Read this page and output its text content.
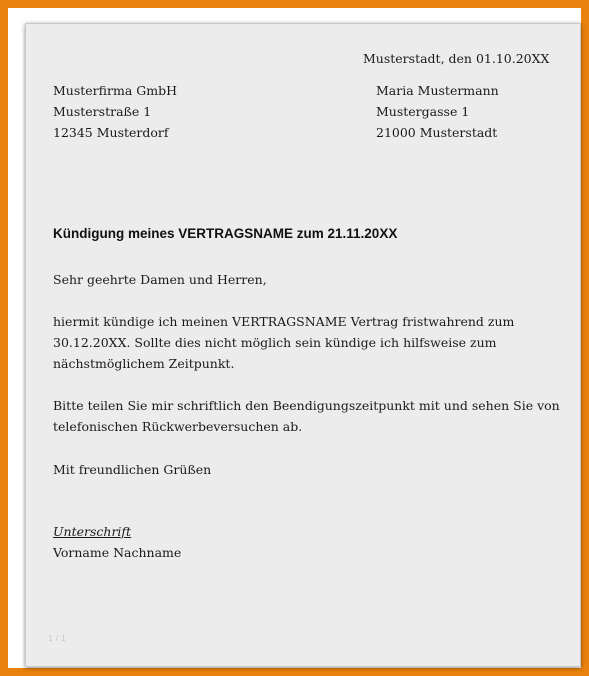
Musterstadt, den 01.10.20XX
Musterfirma GmbH
Musterstraße 1
12345 Musterdorf
Maria Mustermann
Mustergasse 1
21000 Musterstadt
Kündigung meines VERTRAGSNAME zum 21.11.20XX
Sehr geehrte Damen und Herren,
hiermit kündige ich meinen VERTRAGSNAME Vertrag fristwahrend zum
30.12.20XX. Sollte dies nicht möglich sein kündige ich hilfsweise zum
nächstmöglichem Zeitpunkt.
Bitte teilen Sie mir schriftlich den Beendigungszeitpunkt mit und sehen Sie von
telefonischen Rückwerbeversuchen ab.
Mit freundlichen Grüßen
Unterschrift
Vorname Nachname
1 / 1
